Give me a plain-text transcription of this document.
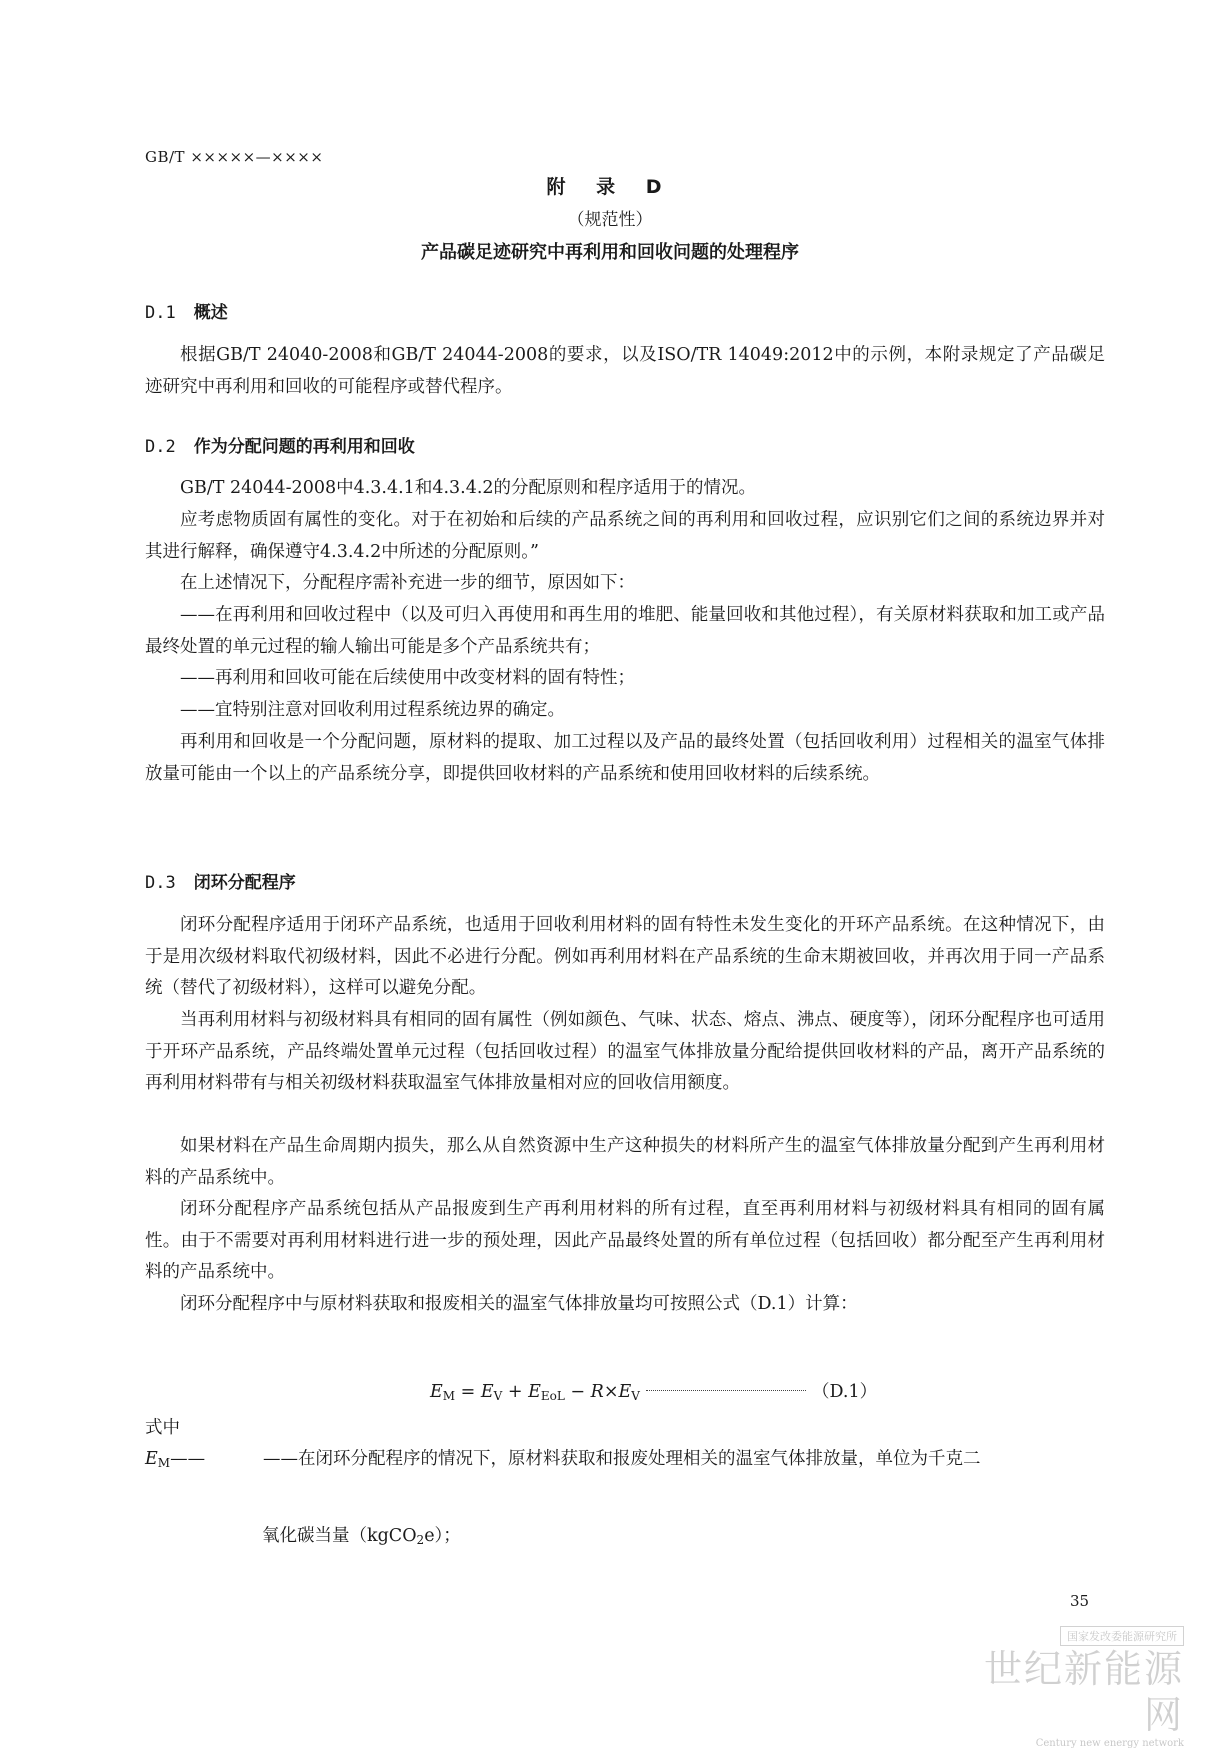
GB/T ×××××—××××
附 录 D
（规范性）
产品碳足迹研究中再利用和回收问题的处理程序
D.1 概述
根据GB/T 24040-2008和GB/T 24044-2008的要求，以及ISO/TR 14049:2012中的示例，本附录规定了产品碳足迹研究中再利用和回收的可能程序或替代程序。
D.2 作为分配问题的再利用和回收
GB/T 24044-2008中4.3.4.1和4.3.4.2的分配原则和程序适用于的情况。
应考虑物质固有属性的变化。对于在初始和后续的产品系统之间的再利用和回收过程，应识别它们之间的系统边界并对其进行解释，确保遵守4.3.4.2中所述的分配原则。”
在上述情况下，分配程序需补充进一步的细节，原因如下：
——在再利用和回收过程中（以及可归入再使用和再生用的堆肥、能量回收和其他过程），有关原材料获取和加工或产品最终处置的单元过程的输人输出可能是多个产品系统共有；
——再利用和回收可能在后续使用中改变材料的固有特性；
——宜特别注意对回收利用过程系统边界的确定。
再利用和回收是一个分配问题，原材料的提取、加工过程以及产品的最终处置（包括回收利用）过程相关的温室气体排放量可能由一个以上的产品系统分享，即提供回收材料的产品系统和使用回收材料的后续系统。
D.3 闭环分配程序
闭环分配程序适用于闭环产品系统，也适用于回收利用材料的固有特性未发生变化的开环产品系统。在这种情况下，由于是用次级材料取代初级材料，因此不必进行分配。例如再利用材料在产品系统的生命末期被回收，并再次用于同一产品系统（替代了初级材料），这样可以避免分配。
当再利用材料与初级材料具有相同的固有属性（例如颜色、气味、状态、熔点、沸点、硬度等），闭环分配程序也可适用于开环产品系统，产品终端处置单元过程（包括回收过程）的温室气体排放量分配给提供回收材料的产品，离开产品系统的再利用材料带有与相关初级材料获取温室气体排放量相对应的回收信用额度。
如果材料在产品生命周期内损失，那么从自然资源中生产这种损失的材料所产生的温室气体排放量分配到产生再利用材料的产品系统中。
闭环分配程序产品系统包括从产品报废到生产再利用材料的所有过程，直至再利用材料与初级材料具有相同的固有属性。由于不需要对再利用材料进行进一步的预处理，因此产品最终处置的所有单位过程（包括回收）都分配至产生再利用材料的产品系统中。
闭环分配程序中与原材料获取和报废相关的温室气体排放量均可按照公式（D.1）计算：
$E_M = E_V + E_{EoL} - R\times E_V$	（D.1）
式中
$E_M——$	——在闭环分配程序的情况下，原材料获取和报废处理相关的温室气体排放量，单位为千克二
氧化碳当量（kgCO$_2$e）；
35
国家发改委能源研究所
世纪新能源网
Century new energy network
